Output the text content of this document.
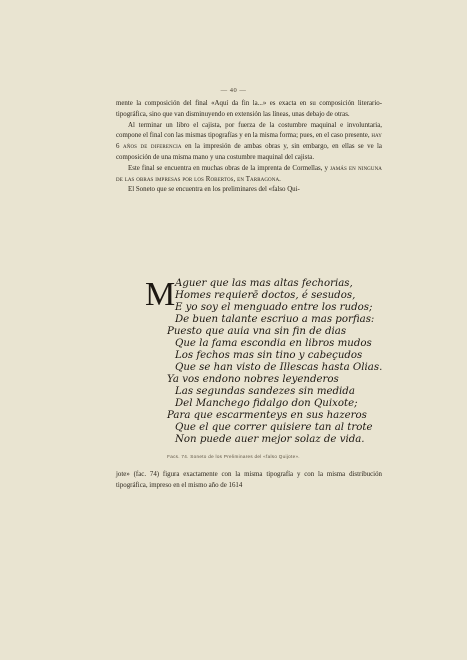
— 40 —

mente la composición del final «Aquí da fin la...» es exacta en su composición literario-tipográfica, sino que van disminuyendo en extensión las líneas, unas debajo de otras.

Al terminar un libro el cajista, por fuerza de la costumbre maquinal e involuntaria, compone el final con las mismas tipografías y en la misma forma; pues, en el caso presente, hay 6 años de diferencia en la impresión de ambas obras y, sin embargo, en ellas se ve la composición de una misma mano y una costumbre maquinal del cajista.

Este final se encuentra en muchas obras de la imprenta de Cormellas, y jamás en ninguna de las obras impresas por los Robertos, en Tarragona.

El Soneto que se encuentra en los preliminares del «falso Qui-

M Aguer que las mas altas fechorias,
Homes requierē doctos, é sesudos,
E yo soy el menguado entre los rudos;
De buen talante escriuo a mas porfias:
Puesto que auia vna sin fin de dias
Que la fama escondia en libros mudos
Los fechos mas sin tino y cabeçudos
Que se han visto de Illescas hasta Olias.
Ya vos endono nobres leyenderos
Las segundas sandezes sin medida
Del Manchego fidalgo don Quixote;
Para que escarmenteys en sus hazeros
Que el que correr quisiere tan al trote
Non puede auer mejor solaz de vida.
Facs. 74. Soneto de los Preliminares del «falso Quijote».

jote» (fac. 74) figura exactamente con la misma tipografía y con la misma distribución tipográfica, impreso en el mismo año de 1614
